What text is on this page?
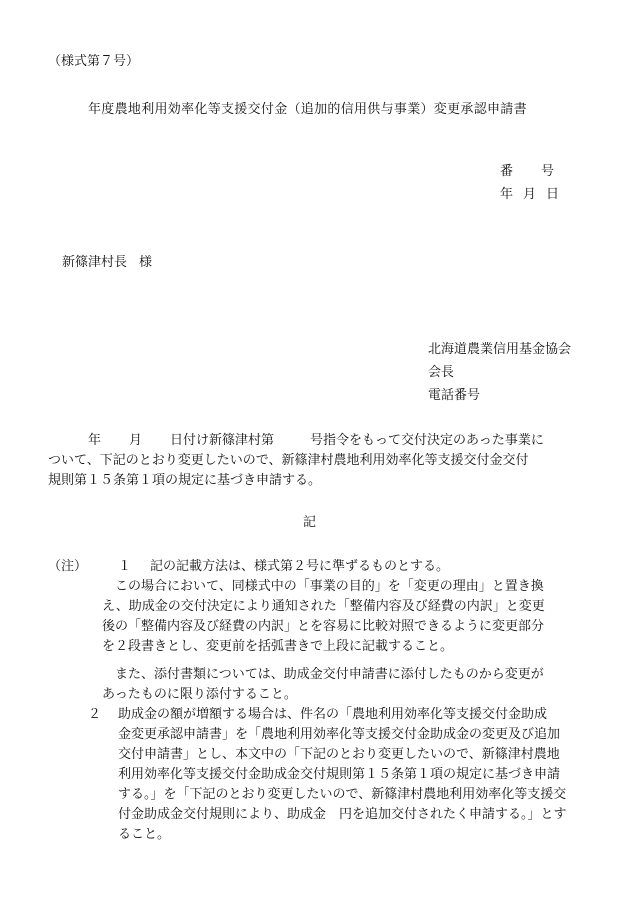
（様式第７号）
年度農地利用効率化等支援交付金（追加的信用供与事業）変更承認申請書
番 号
年 月 日
新篠津村長 様
北海道農業信用基金協会
会長
電話番号
年 月 日付け新篠津村第	号指令をもって交付決定のあった事業に
ついて、下記のとおり変更したいので、新篠津村農地利用効率化等支援交付金交付
規則第１５条第１項の規定に基づき申請する。
記
（注） １ 記の記載方法は、様式第２号に準ずるものとする。
　この場合において、同様式中の「事業の目的」を「変更の理由」と置き換
え、助成金の交付決定により通知された「整備内容及び経費の内訳」と変更
後の「整備内容及び経費の内訳」とを容易に比較対照できるように変更部分
を２段書きとし、変更前を括弧書きで上段に記載すること。
　また、添付書類については、助成金交付申請書に添付したものから変更が
あったものに限り添付すること。
２ 助成金の額が増額する場合は、件名の「農地利用効率化等支援交付金助成
金変更承認申請書」を「農地利用効率化等支援交付金助成金の変更及び追加
交付申請書」とし、本文中の「下記のとおり変更したいので、新篠津村農地
利用効率化等支援交付金助成金交付規則第１５条第１項の規定に基づき申請
する。」を「下記のとおり変更したいので、新篠津村農地利用効率化等支援交
付金助成金交付規則により、助成金　円を追加交付されたく申請する。」とす
ること。
